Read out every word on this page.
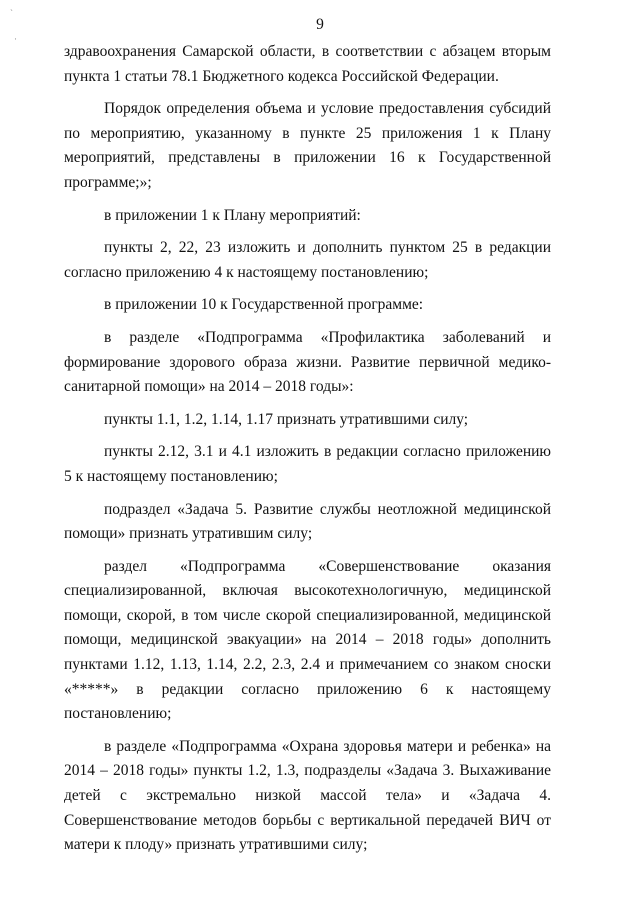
ˋ
·
9

здравоохранения Самарской области, в соответствии с абзацем вторым пункта 1 статьи 78.1 Бюджетного кодекса Российской Федерации.

Порядок определения объема и условие предоставления субсидий по мероприятию, указанному в пункте 25 приложения 1 к Плану мероприятий, представлены в приложении 16 к Государственной программе;»;

в приложении 1 к Плану мероприятий:

пункты 2, 22, 23 изложить и дополнить пунктом 25 в редакции согласно приложению 4 к настоящему постановлению;

в приложении 10 к Государственной программе:

в разделе «Подпрограмма «Профилактика заболеваний и формирование здорового образа жизни. Развитие первичной медико-санитарной помощи» на 2014 – 2018 годы»:

пункты 1.1, 1.2, 1.14, 1.17 признать утратившими силу;

пункты 2.12, 3.1 и 4.1 изложить в редакции согласно приложению 5 к настоящему постановлению;

подраздел «Задача 5. Развитие службы неотложной медицинской помощи» признать утратившим силу;

раздел «Подпрограмма «Совершенствование оказания специализированной, включая высокотехнологичную, медицинской помощи, скорой, в том числе скорой специализированной, медицинской помощи, медицинской эвакуации» на 2014 – 2018 годы» дополнить пунктами 1.12, 1.13, 1.14, 2.2, 2.3, 2.4 и примечанием со знаком сноски «*****» в редакции согласно приложению 6 к настоящему постановлению;

в разделе «Подпрограмма «Охрана здоровья матери и ребенка» на 2014 – 2018 годы» пункты 1.2, 1.3, подразделы «Задача 3. Выхаживание детей с экстремально низкой массой тела» и «Задача 4. Совершенствование методов борьбы с вертикальной передачей ВИЧ от матери к плоду» признать утратившими силу;
